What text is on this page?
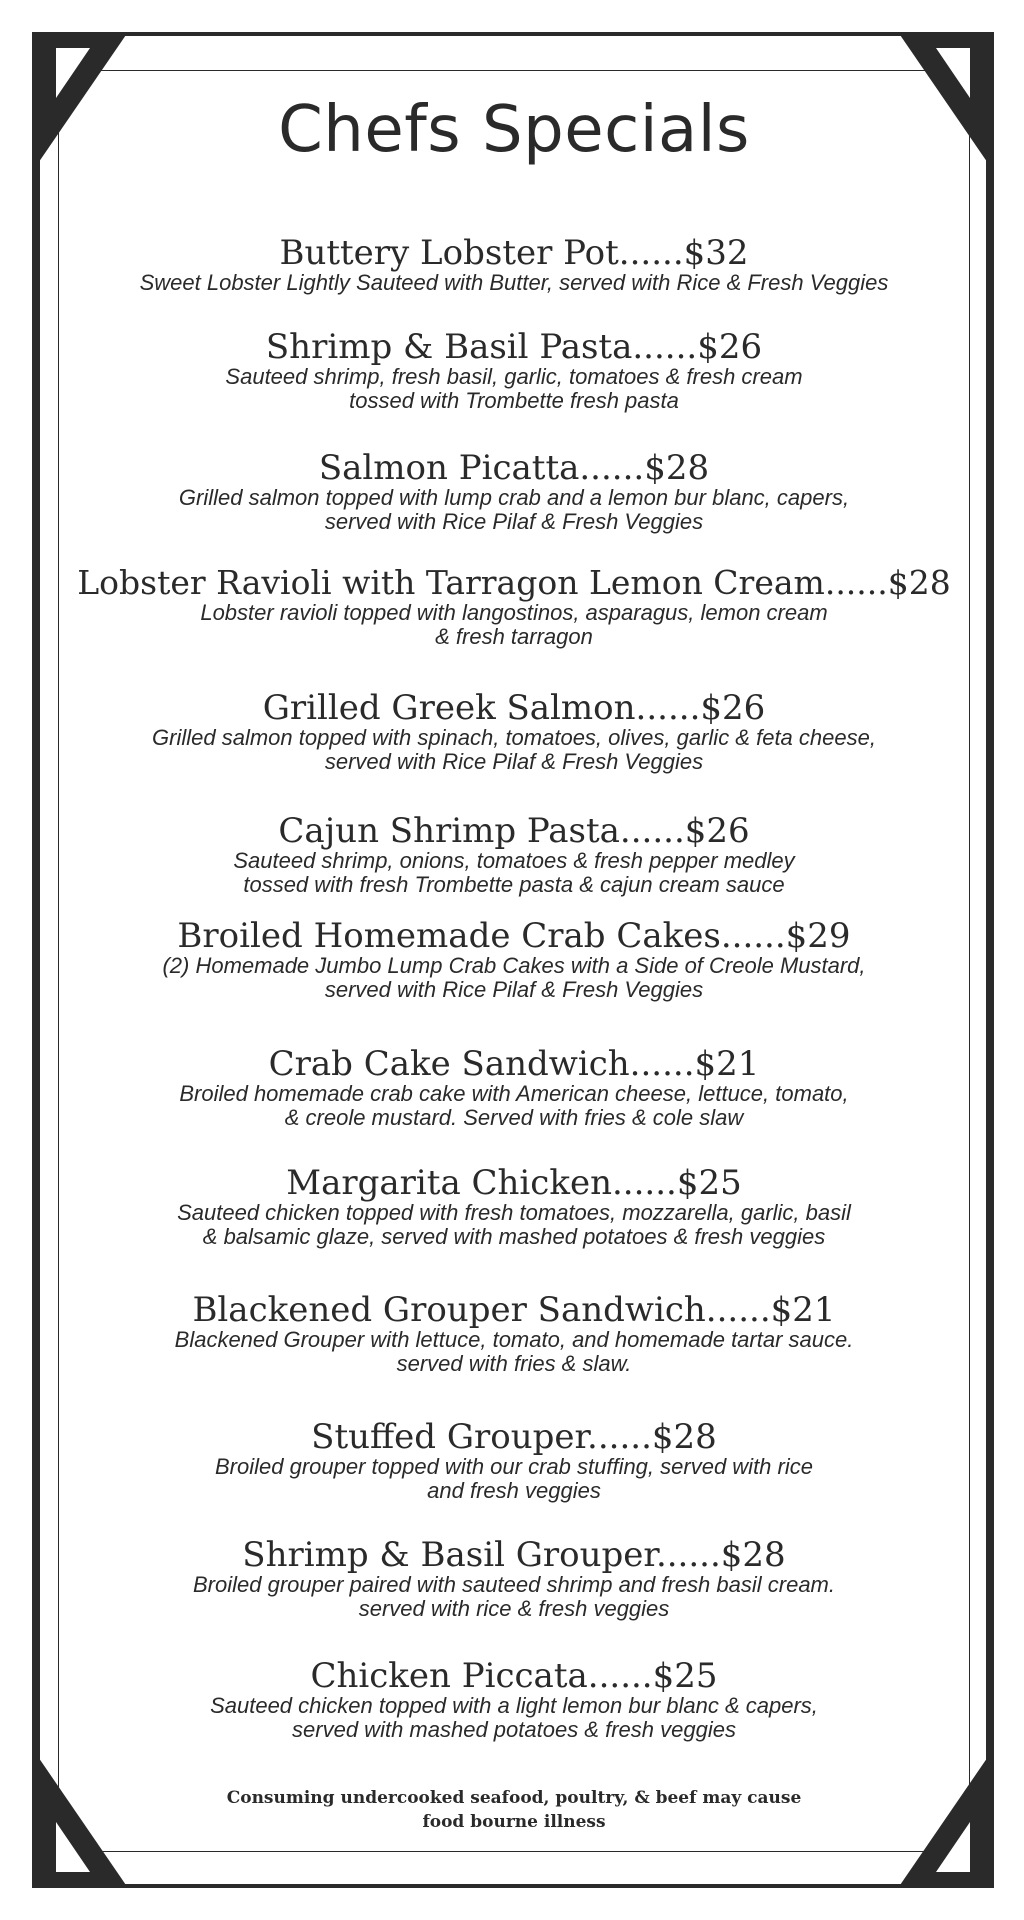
Chefs Specials
Buttery Lobster Pot......$32
Sweet Lobster Lightly Sauteed with Butter, served with Rice & Fresh Veggies
Shrimp & Basil Pasta......$26
Sauteed shrimp, fresh basil, garlic, tomatoes & fresh cream
tossed with Trombette fresh pasta
Salmon Picatta......$28
Grilled salmon topped with lump crab and a lemon bur blanc, capers,
served with Rice Pilaf & Fresh Veggies
Lobster Ravioli with Tarragon Lemon Cream......$28
Lobster ravioli topped with langostinos, asparagus, lemon cream
& fresh tarragon
Grilled Greek Salmon......$26
Grilled salmon topped with spinach, tomatoes, olives, garlic & feta cheese,
served with Rice Pilaf & Fresh Veggies
Cajun Shrimp Pasta......$26
Sauteed shrimp, onions, tomatoes & fresh pepper medley
tossed with fresh Trombette pasta & cajun cream sauce
Broiled Homemade Crab Cakes......$29
(2) Homemade Jumbo Lump Crab Cakes with a Side of Creole Mustard,
served with Rice Pilaf & Fresh Veggies
Crab Cake Sandwich......$21
Broiled homemade crab cake with American cheese, lettuce, tomato,
& creole mustard. Served with fries & cole slaw
Margarita Chicken......$25
Sauteed chicken topped with fresh tomatoes, mozzarella, garlic, basil
& balsamic glaze, served with mashed potatoes & fresh veggies
Blackened Grouper Sandwich......$21
Blackened Grouper with lettuce, tomato, and homemade tartar sauce.
served with fries & slaw.
Stuffed Grouper......$28
Broiled grouper topped with our crab stuffing, served with rice
and fresh veggies
Shrimp & Basil Grouper......$28
Broiled grouper paired with sauteed shrimp and fresh basil cream.
served with rice & fresh veggies
Chicken Piccata......$25
Sauteed chicken topped with a light lemon bur blanc & capers,
served with mashed potatoes & fresh veggies
Consuming undercooked seafood, poultry, & beef may cause
food bourne illness
